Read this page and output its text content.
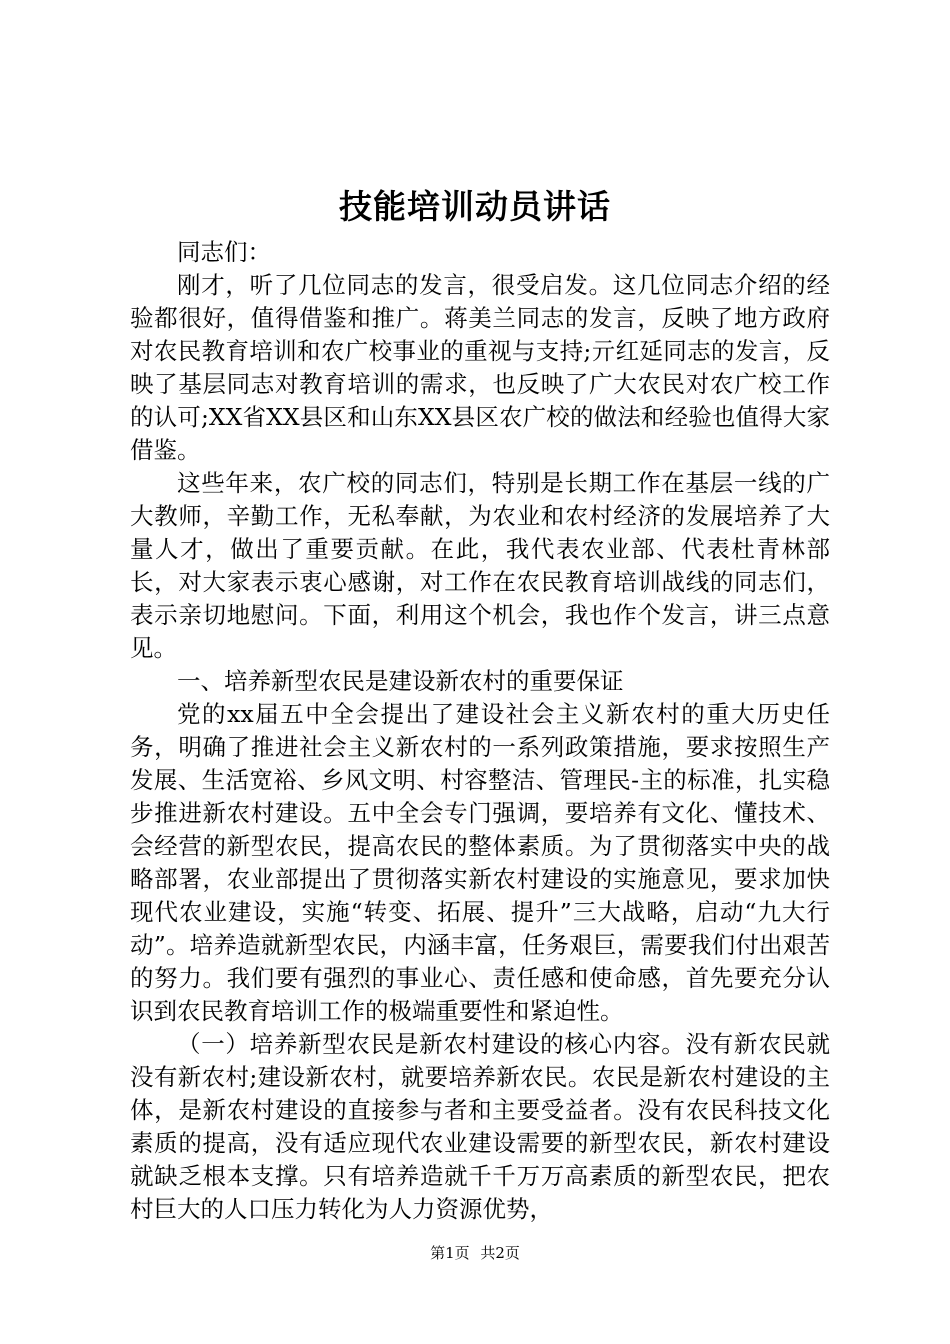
技能培训动员讲话

同志们：

刚才，听了几位同志的发言，很受启发。这几位同志介绍的经验都很好，值得借鉴和推广。蒋美兰同志的发言，反映了地方政府对农民教育培训和农广校事业的重视与支持;亓红延同志的发言，反映了基层同志对教育培训的需求，也反映了广大农民对农广校工作的认可;XX省XX县区和山东XX县区农广校的做法和经验也值得大家借鉴。

这些年来，农广校的同志们，特别是长期工作在基层一线的广大教师，辛勤工作，无私奉献，为农业和农村经济的发展培养了大量人才，做出了重要贡献。在此，我代表农业部、代表杜青林部长，对大家表示衷心感谢，对工作在农民教育培训战线的同志们，表示亲切地慰问。下面，利用这个机会，我也作个发言，讲三点意见。

一、培养新型农民是建设新农村的重要保证

党的xx届五中全会提出了建设社会主义新农村的重大历史任务，明确了推进社会主义新农村的一系列政策措施，要求按照生产发展、生活宽裕、乡风文明、村容整洁、管理民-主的标准，扎实稳步推进新农村建设。五中全会专门强调，要培养有文化、懂技术、会经营的新型农民，提高农民的整体素质。为了贯彻落实中央的战略部署，农业部提出了贯彻落实新农村建设的实施意见，要求加快现代农业建设，实施“转变、拓展、提升”三大战略，启动“九大行动”。培养造就新型农民，内涵丰富，任务艰巨，需要我们付出艰苦的努力。我们要有强烈的事业心、责任感和使命感，首先要充分认识到农民教育培训工作的极端重要性和紧迫性。

（一）培养新型农民是新农村建设的核心内容。没有新农民就没有新农村;建设新农村，就要培养新农民。农民是新农村建设的主体，是新农村建设的直接参与者和主要受益者。没有农民科技文化素质的提高，没有适应现代农业建设需要的新型农民，新农村建设就缺乏根本支撑。只有培养造就千千万万高素质的新型农民，把农村巨大的人口压力转化为人力资源优势，

第1页 共2页
